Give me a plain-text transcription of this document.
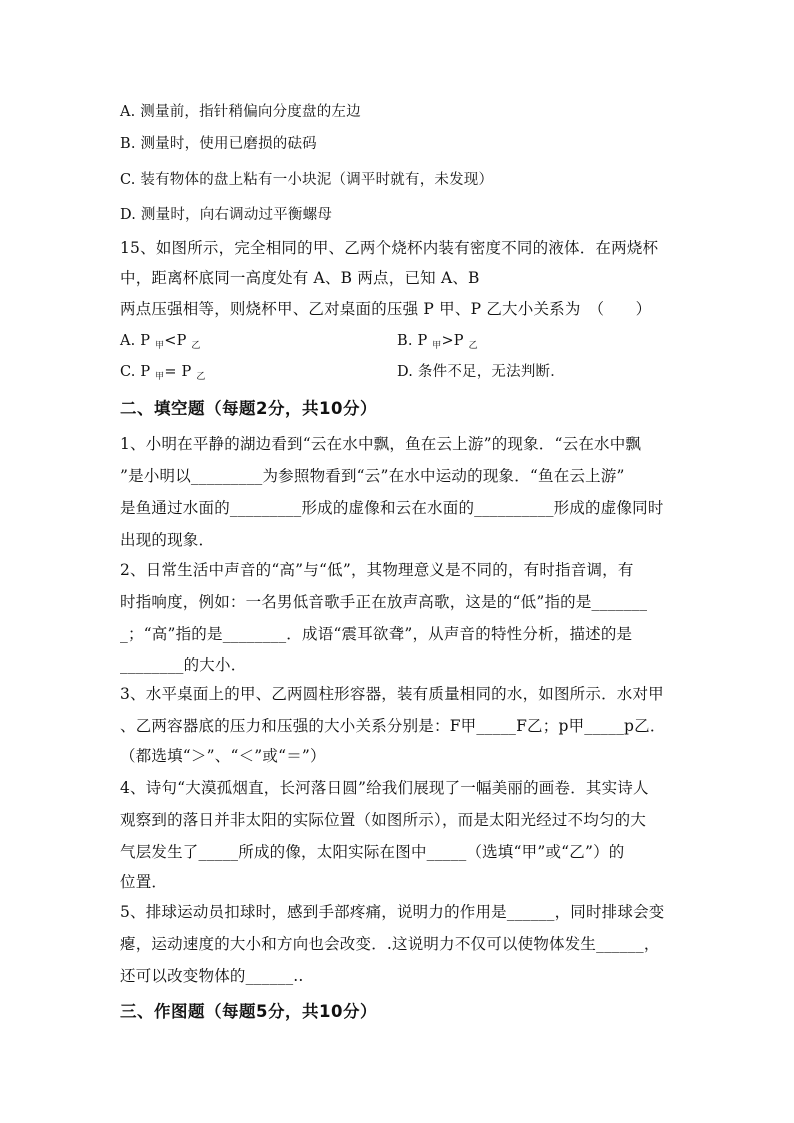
A. 测量前，指针稍偏向分度盘的左边
B. 测量时，使用已磨损的砝码
C. 装有物体的盘上粘有一小块泥（调平时就有，未发现）
D. 测量时，向右调动过平衡螺母
15、如图所示，完全相同的甲、乙两个烧杯内装有密度不同的液体．在两烧杯
中，距离杯底同一高度处有 A、B 两点，已知 A、B
两点压强相等，则烧杯甲、乙对桌面的压强 P 甲、P 乙大小关系为　（　　）
A. P $_甲$<P $_乙$	B. P $_甲$>P $_乙$
C. P $_甲$= P $_乙$	D. 条件不足，无法判断．
二、填空题（每题2分，共10分）
1、小明在平静的湖边看到“云在水中飘，鱼在云上游”的现象．“云在水中飘
”是小明以_________为参照物看到“云”在水中运动的现象．“鱼在云上游”
是鱼通过水面的_________形成的虚像和云在水面的__________形成的虚像同时
出现的现象．
2、日常生活中声音的“高”与“低”，其物理意义是不同的，有时指音调，有
时指响度，例如：一名男低音歌手正在放声高歌，这是的“低”指的是_______
_；“高”指的是________．成语“震耳欲聋”，从声音的特性分析，描述的是
________的大小．
3、水平桌面上的甲、乙两圆柱形容器，装有质量相同的水，如图所示．水对甲
、乙两容器底的压力和压强的大小关系分别是：F甲_____F乙；p甲_____p乙．
（都选填“＞”、“＜”或“＝”）
4、诗句“大漠孤烟直，长河落日圆”给我们展现了一幅美丽的画卷．其实诗人
观察到的落日并非太阳的实际位置（如图所示），而是太阳光经过不均匀的大
气层发生了_____所成的像，太阳实际在图中_____（选填“甲”或“乙”）的
位置．
5、排球运动员扣球时，感到手部疼痛，说明力的作用是______，同时排球会变
瘪，运动速度的大小和方向也会改变．.这说明力不仅可以使物体发生______，
还可以改变物体的______..
三、作图题（每题5分，共10分）
